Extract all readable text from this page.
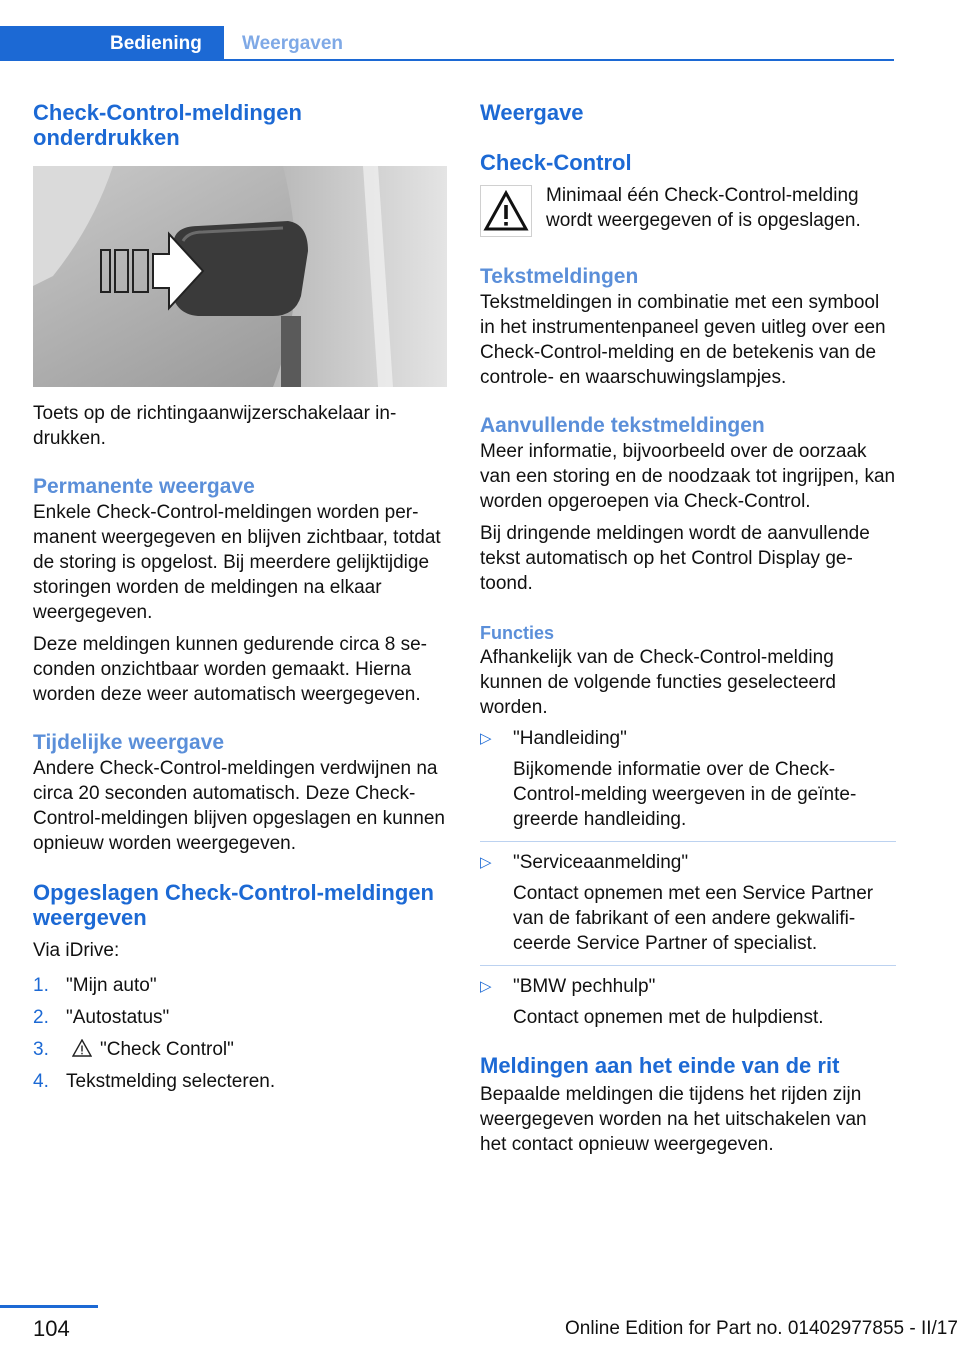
Bediening	Weergaven
Check-Control-meldingen onderdrukken

Toets op de richtingaanwijzerschakelaar indrukken.

Permanente weergave

Enkele Check-Control-meldingen worden permanent weergegeven en blijven zichtbaar, totdat de storing is opgelost. Bij meerdere gelijktijdige storingen worden de meldingen na elkaar weergegeven.

Deze meldingen kunnen gedurende circa 8 seconden onzichtbaar worden gemaakt. Hierna worden deze weer automatisch weergegeven.

Tijdelijke weergave

Andere Check-Control-meldingen verdwijnen na circa 20 seconden automatisch. Deze Check-Control-meldingen blijven opgeslagen en kunnen opnieuw worden weergegeven.

Opgeslagen Check-Control-meldingen weergeven

Via iDrive:

1. "Mijn auto"
2. "Autostatus"
3.	"Check Control"
4. Tekstmelding selecteren.
Weergave
Check-Control

Minimaal één Check-Control-melding wordt weergegeven of is opgeslagen.

Tekstmeldingen

Tekstmeldingen in combinatie met een symbool in het instrumentenpaneel geven uitleg over een Check-Control-melding en de betekenis van de controle- en waarschuwingslampjes.

Aanvullende tekstmeldingen

Meer informatie, bijvoorbeeld over de oorzaak van een storing en de noodzaak tot ingrijpen, kan worden opgeroepen via Check-Control.

Bij dringende meldingen wordt de aanvullende tekst automatisch op het Control Display getoond.

Functies

Afhankelijk van de Check-Control-melding kunnen de volgende functies geselecteerd worden.

▷ "Handleiding"
Bijkomende informatie over de Check-Control-melding weergeven in de geïntegreerde handleiding.
▷ "Serviceaanmelding"
Contact opnemen met een Service Partner van de fabrikant of een andere gekwalificeerde Service Partner of specialist.
▷ "BMW pechhulp"
Contact opnemen met de hulpdienst.
Meldingen aan het einde van de rit

Bepaalde meldingen die tijdens het rijden zijn weergegeven worden na het uitschakelen van het contact opnieuw weergegeven.

104	Online Edition for Part no. 01402977855 - II/17
